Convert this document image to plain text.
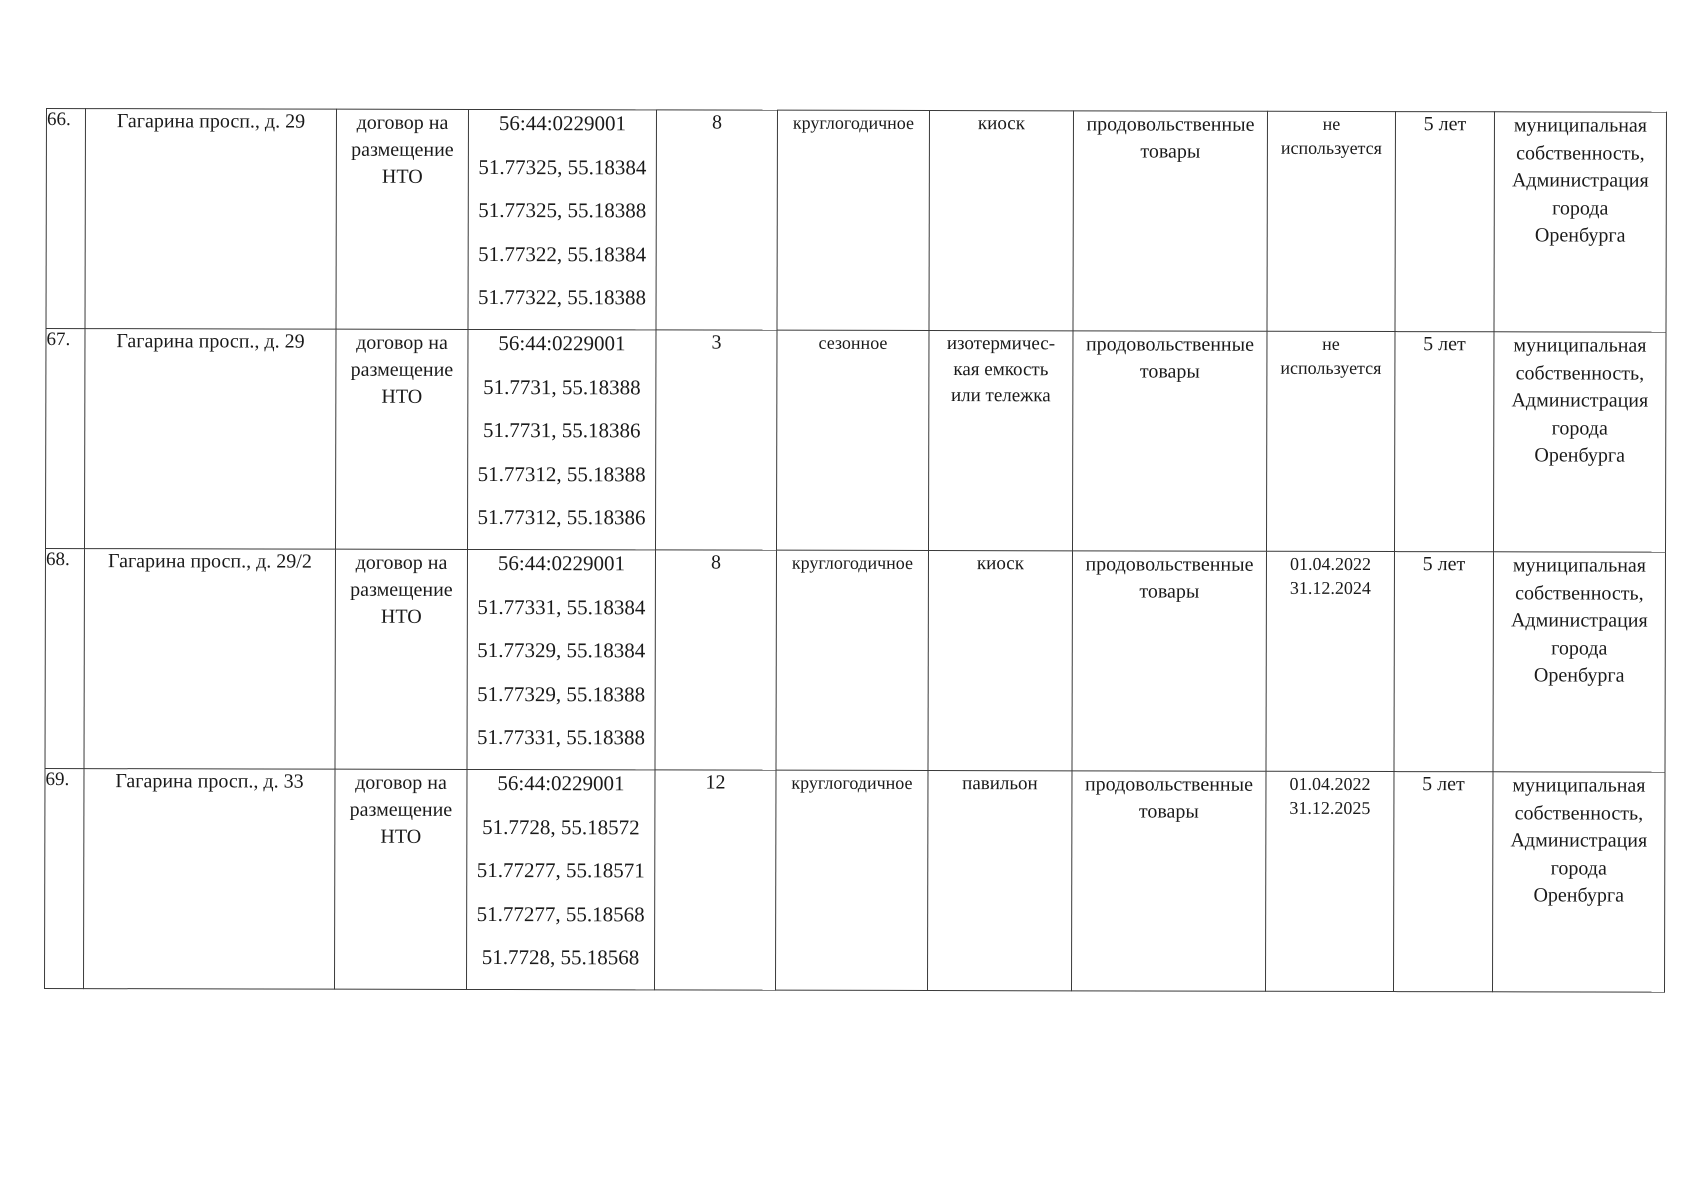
66.	Гагарина просп., д. 29	договор на
размещение
НТО	56:44:0229001
51.77325, 55.18384
51.77325, 55.18388
51.77322, 55.18384
51.77322, 55.18388	8	круглогодичное	киоск	продовольственные
товары	не
используется	5 лет	муниципальная
собственность,
Администрация
города
Оренбурга

67.	Гагарина просп., д. 29	договор на
размещение
НТО	56:44:0229001
51.7731, 55.18388
51.7731, 55.18386
51.77312, 55.18388
51.77312, 55.18386	3	сезонное	изотермичес-
кая емкость
или тележка	продовольственные
товары	не
используется	5 лет	муниципальная
собственность,
Администрация
города
Оренбурга

68.	Гагарина просп., д. 29/2	договор на
размещение
НТО	56:44:0229001
51.77331, 55.18384
51.77329, 55.18384
51.77329, 55.18388
51.77331, 55.18388	8	круглогодичное	киоск	продовольственные
товары	01.04.2022
31.12.2024	5 лет	муниципальная
собственность,
Администрация
города
Оренбурга

69.	Гагарина просп., д. 33	договор на
размещение
НТО	56:44:0229001
51.7728, 55.18572
51.77277, 55.18571
51.77277, 55.18568
51.7728, 55.18568	12	круглогодичное	павильон	продовольственные
товары	01.04.2022
31.12.2025	5 лет	муниципальная
собственность,
Администрация
города
Оренбурга
